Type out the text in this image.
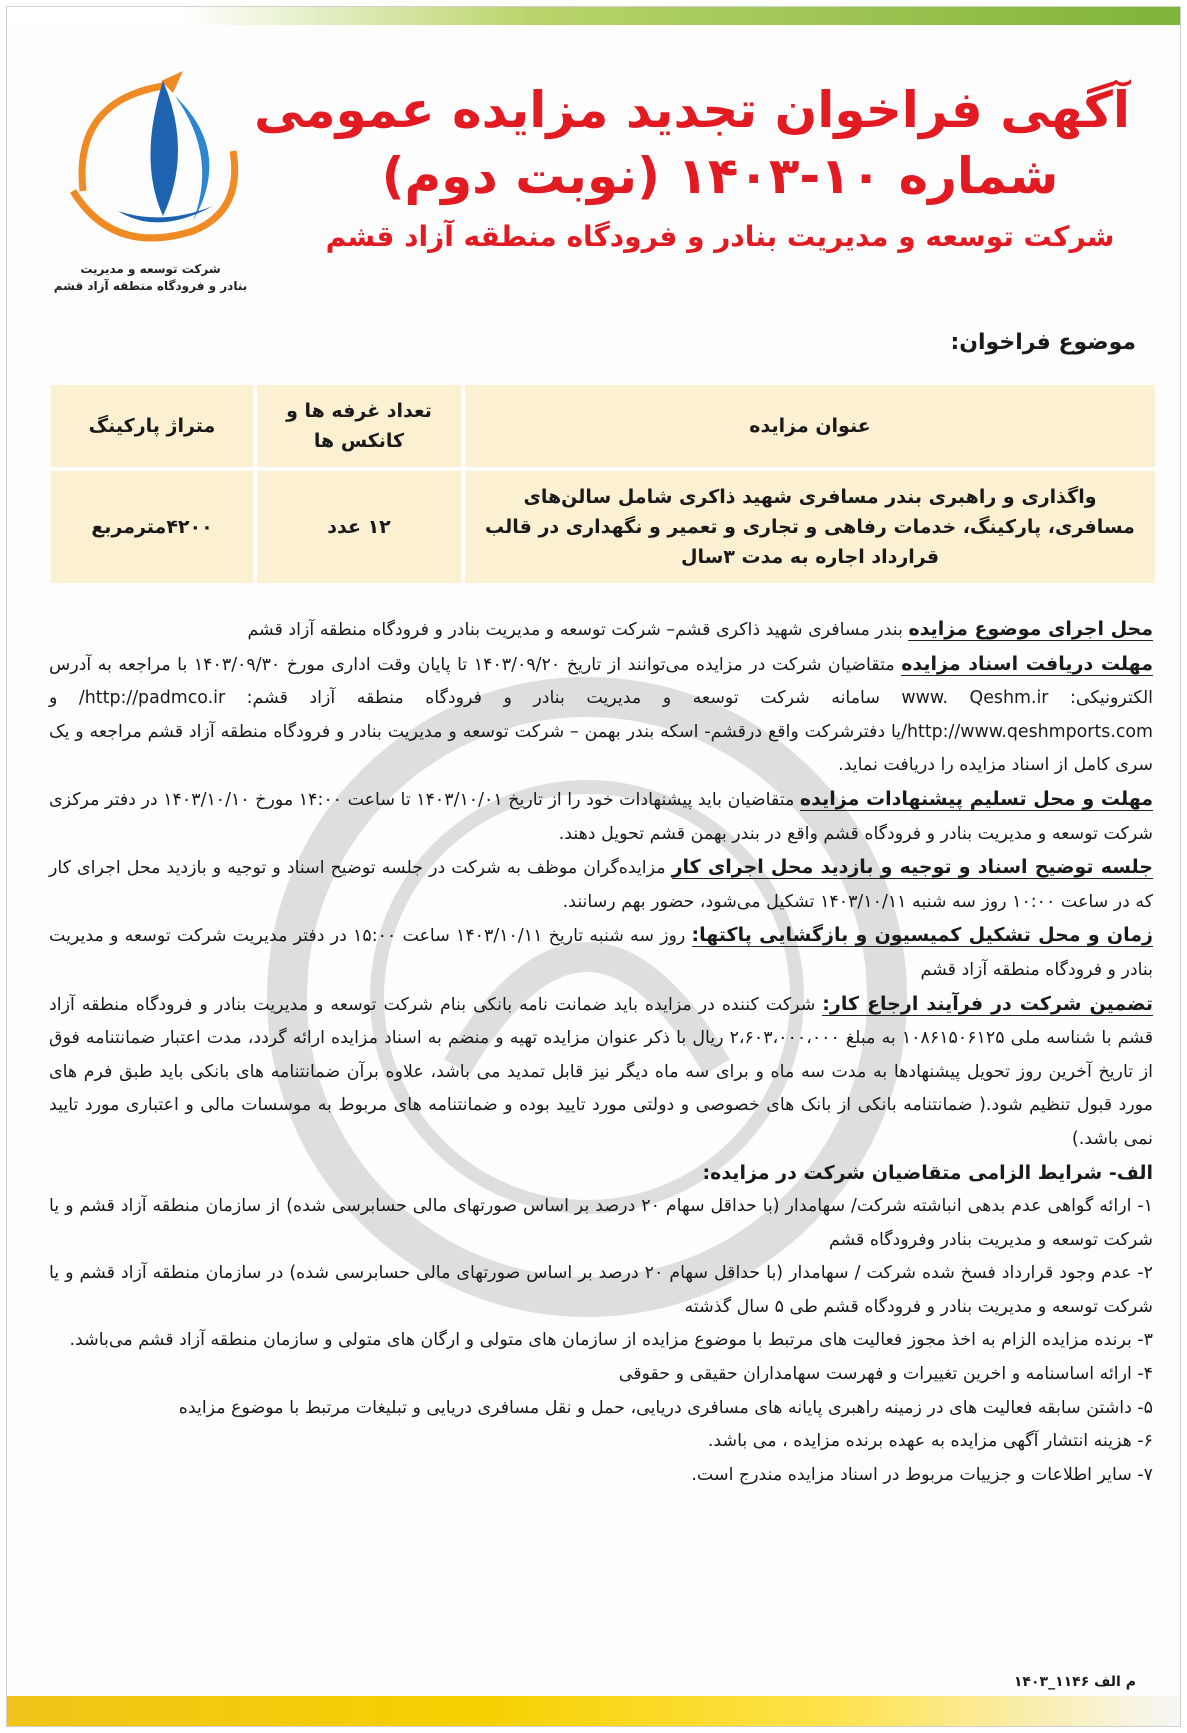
شرکت توسعه و مدیریت
بنادر و فرودگاه منطقه آزاد قشم
آگهی فراخوان تجدید مزایده عمومی
شماره ۱۰-۱۴۰۳ (نوبت دوم)
شرکت توسعه و مدیریت بنادر و فرودگاه منطقه آزاد قشم
موضوع فراخوان:
عنوان مزایده	تعداد غرفه ها و کانکس ها	متراژ پارکینگ
واگذاری و راهبری بندر مسافری شهید ذاکری شامل سالن‌های مسافری، پارکینگ، خدمات رفاهی و تجاری و تعمیر و نگهداری در قالب قرارداد اجاره به مدت ۳سال	۱۲ عدد	۴۲۰۰مترمربع

محل اجرای موضوع مزایده بندر مسافری شهید ذاکری قشم– شرکت توسعه و مدیریت بنادر و فرودگاه منطقه آزاد قشم

مهلت دریافت اسناد مزایده متقاضیان شرکت در مزایده می‌توانند از تاریخ ۱۴۰۳/۰۹/۲۰ تا پایان وقت اداری مورخ ۱۴۰۳/۰۹/۳۰ با مراجعه به آدرس الکترونیکی: www. Qeshm.ir سامانه شرکت توسعه و مدیریت بنادر و فرودگاه منطقه آزاد قشم: http://padmco.ir/ و http://www.qeshmports.com/یا دفترشرکت واقع درقشم- اسکه بندر بهمن – شرکت توسعه و مدیریت بنادر و فرودگاه منطقه آزاد قشم مراجعه و یک سری کامل از اسناد مزایده را دریافت نماید.

مهلت و محل تسلیم پیشنهادات مزایده متقاضیان باید پیشنهادات خود را از تاریخ ۱۴۰۳/۱۰/۰۱ تا ساعت ۱۴:۰۰ مورخ ۱۴۰۳/۱۰/۱۰ در دفتر مرکزی شرکت توسعه و مدیریت بنادر و فرودگاه قشم واقع در بندر بهمن قشم تحویل دهند.

جلسه توضیح اسناد و توجیه و بازدید محل اجرای کار مزایده‌گران موظف به شرکت در جلسه توضیح اسناد و توجیه و بازدید محل اجرای کار که در ساعت ۱۰:۰۰ روز سه شنبه ۱۴۰۳/۱۰/۱۱ تشکیل می‌شود، حضور بهم رسانند.

زمان و محل تشکیل کمیسیون و بازگشایی پاکتها: روز سه شنبه تاریخ ۱۴۰۳/۱۰/۱۱ ساعت ۱۵:۰۰ در دفتر مدیریت شرکت توسعه و مدیریت بنادر و فرودگاه منطقه آزاد قشم

تضمین شرکت در فرآیند ارجاع کار: شرکت کننده در مزایده باید ضمانت نامه بانکی بنام شرکت توسعه و مدیریت بنادر و فرودگاه منطقه آزاد قشم با شناسه ملی ۱۰۸۶۱۵۰۶۱۲۵ به مبلغ ۲،۶۰۳،۰۰۰،۰۰۰ ریال با ذکر عنوان مزایده تهیه و منضم به اسناد مزایده ارائه گردد، مدت اعتبار ضمانتنامه فوق از تاریخ آخرین روز تحویل پیشنهادها به مدت سه ماه و برای سه ماه دیگر نیز قابل تمدید می باشد، علاوه برآن ضمانتنامه های بانکی باید طبق فرم های مورد قبول تنظیم شود.( ضمانتنامه بانکی از بانک های خصوصی و دولتی مورد تایید بوده و ضمانتنامه های مربوط به موسسات مالی و اعتباری مورد تایید نمی باشد.)

الف- شرایط الزامی متقاضیان شرکت در مزایده:

۱- ارائه گواهی عدم بدهی انباشته شرکت/ سهامدار (با حداقل سهام ۲۰ درصد بر اساس صورتهای مالی حسابرسی شده) از سازمان منطقه آزاد قشم و یا شرکت توسعه و مدیریت بنادر وفرودگاه قشم

۲- عدم وجود قرارداد فسخ شده شرکت / سهامدار (با حداقل سهام ۲۰ درصد بر اساس صورتهای مالی حسابرسی شده) در سازمان منطقه آزاد قشم و یا شرکت توسعه و مدیریت بنادر و فرودگاه قشم طی ۵ سال گذشته

۳- برنده مزایده الزام به اخذ مجوز فعالیت های مرتبط با موضوع مزایده از سازمان های متولی و ارگان های متولی و سازمان منطقه آزاد قشم می‌باشد.

۴- ارائه اساسنامه و اخرین تغییرات و فهرست سهامداران حقیقی و حقوقی

۵- داشتن سابقه فعالیت های در زمینه راهبری پایانه های مسافری دریایی، حمل و نقل مسافری دریایی و تبلیغات مرتبط با موضوع مزایده

۶- هزینه انتشار آگهی مزایده به عهده برنده مزایده ، می باشد.

۷- سایر اطلاعات و جزییات مربوط در اسناد مزایده مندرج است.

م الف ۱۱۴۶_۱۴۰۳
